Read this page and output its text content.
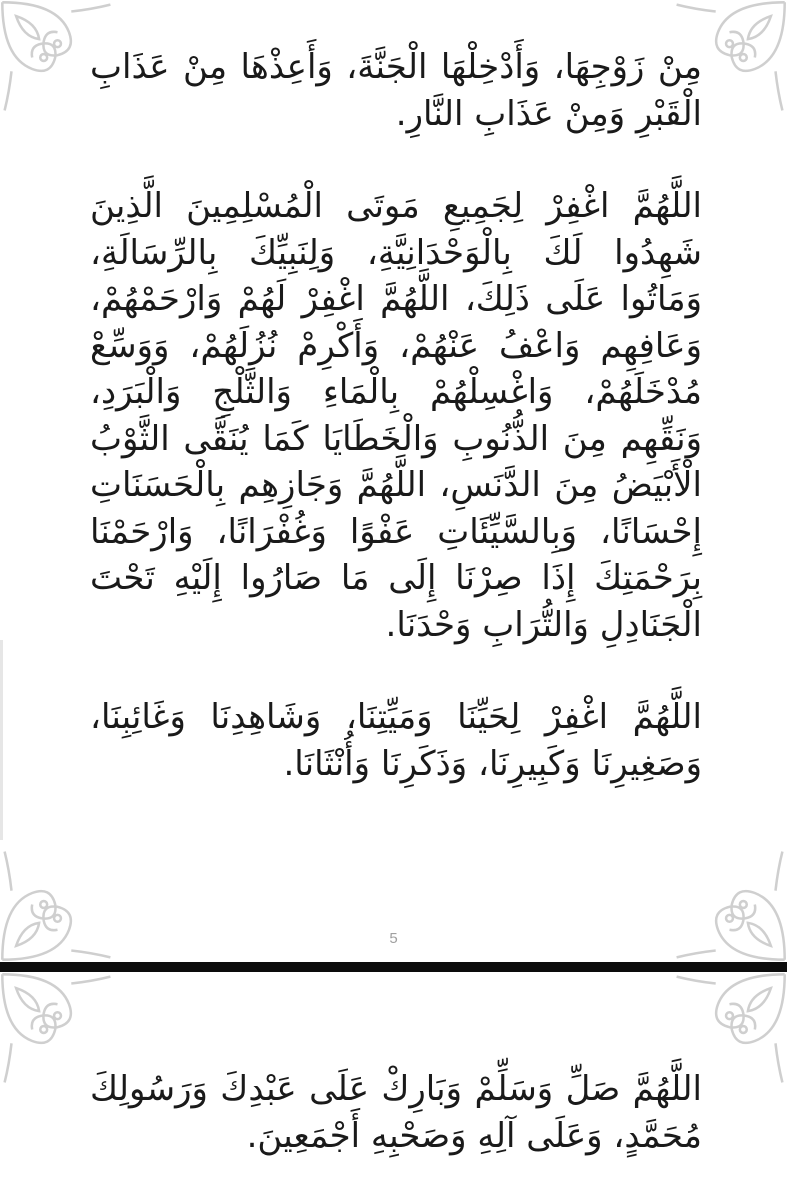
مِنْ زَوْجِهَا، وَأَدْخِلْهَا الْجَنَّةَ، وَأَعِذْهَا مِنْ عَذَابِ الْقَبْرِ وَمِنْ عَذَابِ النَّارِ.

اللَّهُمَّ اغْفِرْ لِجَمِيعِ مَوتَى الْمُسْلِمِينَ الَّذِينَ شَهِدُوا لَكَ بِالْوَحْدَانِيَّةِ، وَلِنَبِيِّكَ بِالرِّسَالَةِ، وَمَاتُوا عَلَى ذَلِكَ، اللَّهُمَّ اغْفِرْ لَهُمْ وَارْحَمْهُمْ، وَعَافِهِم وَاعْفُ عَنْهُمْ، وَأَكْرِمْ نُزُلَهُمْ، وَوَسِّعْ مُدْخَلَهُمْ، وَاغْسِلْهُمْ بِالْمَاءِ وَالثَّلْجِ وَالْبَرَدِ، وَنَقِّهِم مِنَ الذُّنُوبِ وَالْخَطَايَا كَمَا يُنَقَّى الثَّوْبُ الْأَبْيَضُ مِنَ الدَّنَسِ، اللَّهُمَّ وَجَازِهِم بِالْحَسَنَاتِ إِحْسَانًا، وَبِالسَّيِّئَاتِ عَفْوًا وَغُفْرَانًا، وَارْحَمْنَا بِرَحْمَتِكَ إِذَا صِرْنَا إِلَى مَا صَارُوا إِلَيْهِ تَحْتَ الْجَنَادِلِ وَالتُّرَابِ وَحْدَنَا.

اللَّهُمَّ اغْفِرْ لِحَيِّنَا وَمَيِّتِنَا، وَشَاهِدِنَا وَغَائِبِنَا، وَصَغِيرِنَا وَكَبِيرِنَا، وَذَكَرِنَا وَأُنْثَانَا.

5

اللَّهُمَّ صَلِّ وَسَلِّمْ وَبَارِكْ عَلَى عَبْدِكَ وَرَسُولِكَ مُحَمَّدٍ، وَعَلَى آلِهِ وَصَحْبِهِ أَجْمَعِينَ.
